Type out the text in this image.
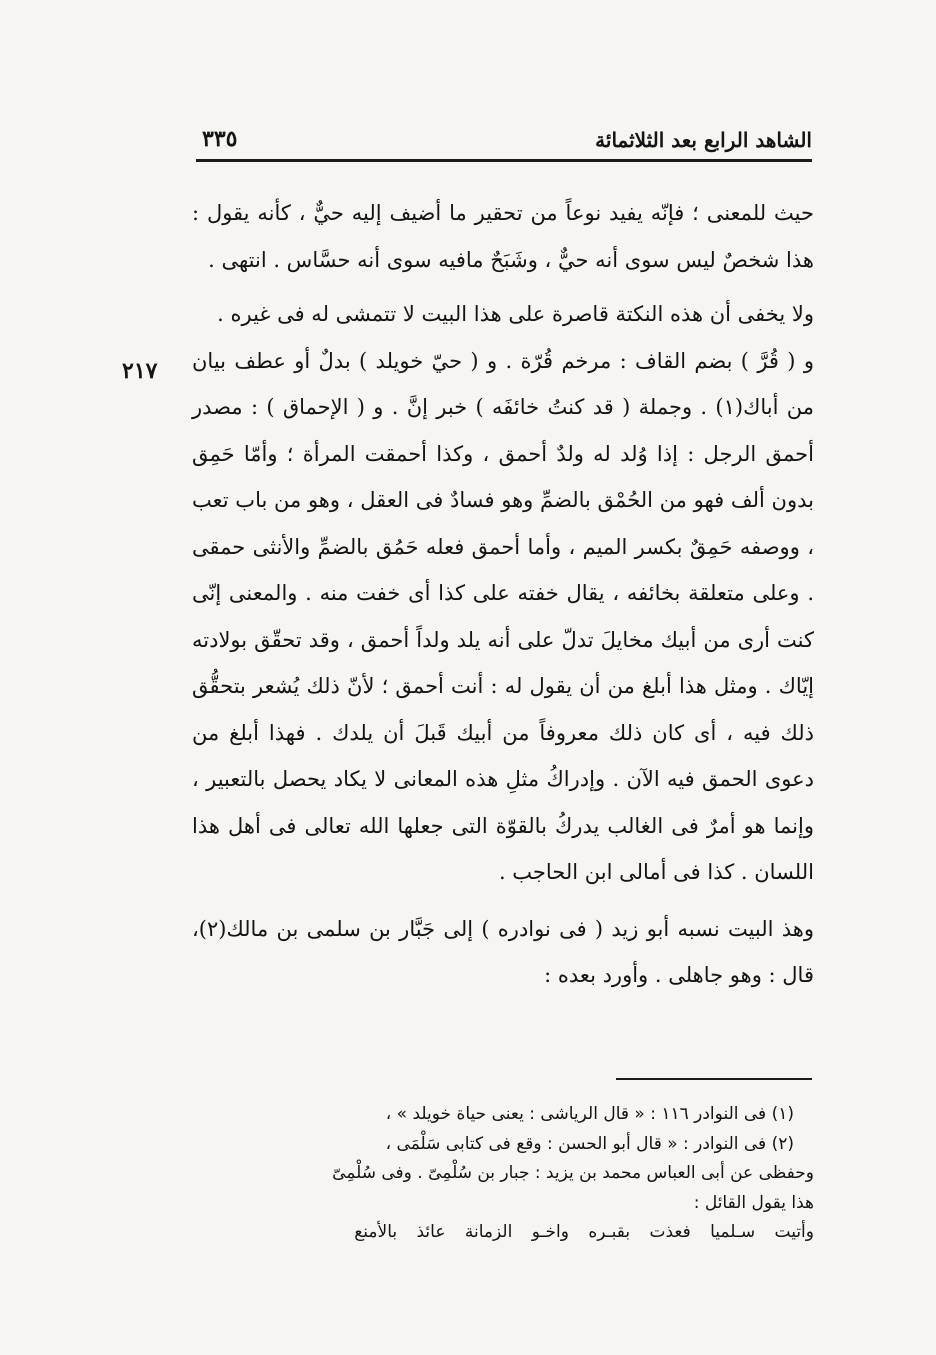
الشاهد الرابع بعد الثلاثمائة
٣٣٥
٢١٧

حيث للمعنى ؛ فإنّه يفيد نوعاً من تحقير ما أضيف إليه حيٌّ ، كأنه يقول : هذا شخصٌ ليس سوى أنه حيٌّ ، وشَبَحٌ مافيه سوى أنه حسَّاس . انتهى .

ولا يخفى أن هذه النكتة قاصرة على هذا البيت لا تتمشى له فى غيره .

و ( قُرَّ ) بضم القاف : مرخم قُرّة . و ( حيّ خويلد ) بدلٌ أو عطف بيان من أباك(١) . وجملة ( قد كنتُ خائفَه ) خبر إنَّ . و ( الإحماق ) : مصدر أحمق الرجل : إذا وُلد له ولدٌ أحمق ، وكذا أحمقت المرأة ؛ وأمّا حَمِق بدون ألف فهو من الحُمْق بالضمِّ وهو فسادٌ فى العقل ، وهو من باب تعب ، ووصفه حَمِقٌ بكسر الميم ، وأما أحمق فعله حَمُق بالضمِّ والأنثى حمقى . وعلى متعلقة بخائفه ، يقال خفته على كذا أى خفت منه . والمعنى إنّى كنت أرى من أبيك مخايلَ تدلّ على أنه يلد ولداً أحمق ، وقد تحقّق بولادته إيّاك . ومثل هذا أبلغ من أن يقول له : أنت أحمق ؛ لأنّ ذلك يُشعر بتحقُّق ذلك فيه ، أى كان ذلك معروفاً من أبيك قَبلَ أن يلدك . فهذا أبلغ من دعوى الحمق فيه الآن . وإدراكُ مثلِ هذه المعانى لا يكاد يحصل بالتعبير ، وإنما هو أمرٌ فى الغالب يدركُ بالقوّة التى جعلها الله تعالى فى أهل هذا اللسان . كذا فى أمالى ابن الحاجب .

وهذ البيت نسبه أبو زيد ( فى نوادره ) إلى جَبَّار بن سلمى بن مالك(٢)، قال : وهو جاهلى . وأورد بعده :

(١) فى النوادر ١١٦ : « قال الرياشى : يعنى حياة خويلد » ،

(٢) فى النوادر : « قال أبو الحسن : وقع فى كتابى سَلْمَى ،

وحفظى عن أبى العباس محمد بن يزيد : جبار بن سُلْمِىّ . وفى سُلْمِىّ

هذا يقول القائل :

وأتيت سـلميا فعذت بقبـره واخـو الزمانة عائذ بالأمنع
